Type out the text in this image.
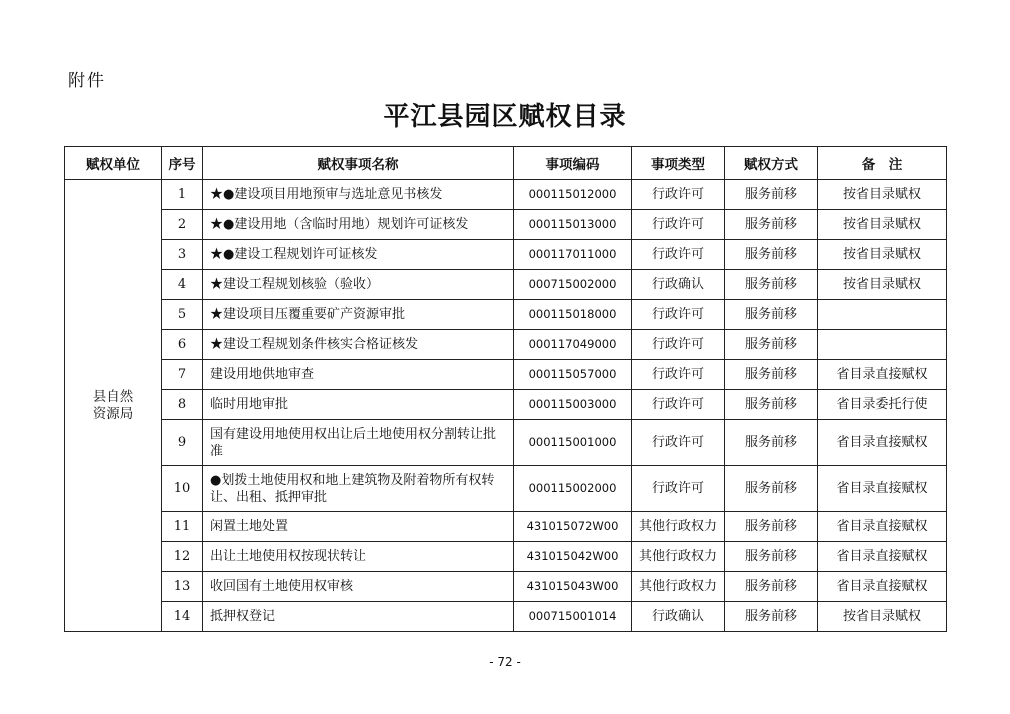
附件
平江县园区赋权目录
赋权单位	序号	赋权事项名称	事项编码	事项类型	赋权方式	备　注
县自然
资源局	1	★●建设项目用地预审与选址意见书核发	000115012000	行政许可	服务前移	按省目录赋权
	2	★●建设用地（含临时用地）规划许可证核发	000115013000	行政许可	服务前移	按省目录赋权
	3	★●建设工程规划许可证核发	000117011000	行政许可	服务前移	按省目录赋权
	4	★建设工程规划核验（验收）	000715002000	行政确认	服务前移	按省目录赋权
	5	★建设项目压覆重要矿产资源审批	000115018000	行政许可	服务前移	
	6	★建设工程规划条件核实合格证核发	000117049000	行政许可	服务前移	
	7	建设用地供地审查	000115057000	行政许可	服务前移	省目录直接赋权
	8	临时用地审批	000115003000	行政许可	服务前移	省目录委托行使
	9	国有建设用地使用权出让后土地使用权分割转让批准	000115001000	行政许可	服务前移	省目录直接赋权
	10	●划拨土地使用权和地上建筑物及附着物所有权转让、出租、抵押审批	000115002000	行政许可	服务前移	省目录直接赋权
	11	闲置土地处置	431015072W00	其他行政权力	服务前移	省目录直接赋权
	12	出让土地使用权按现状转让	431015042W00	其他行政权力	服务前移	省目录直接赋权
	13	收回国有土地使用权审核	431015043W00	其他行政权力	服务前移	省目录直接赋权
	14	抵押权登记	000715001014	行政确认	服务前移	按省目录赋权
- 72 -
